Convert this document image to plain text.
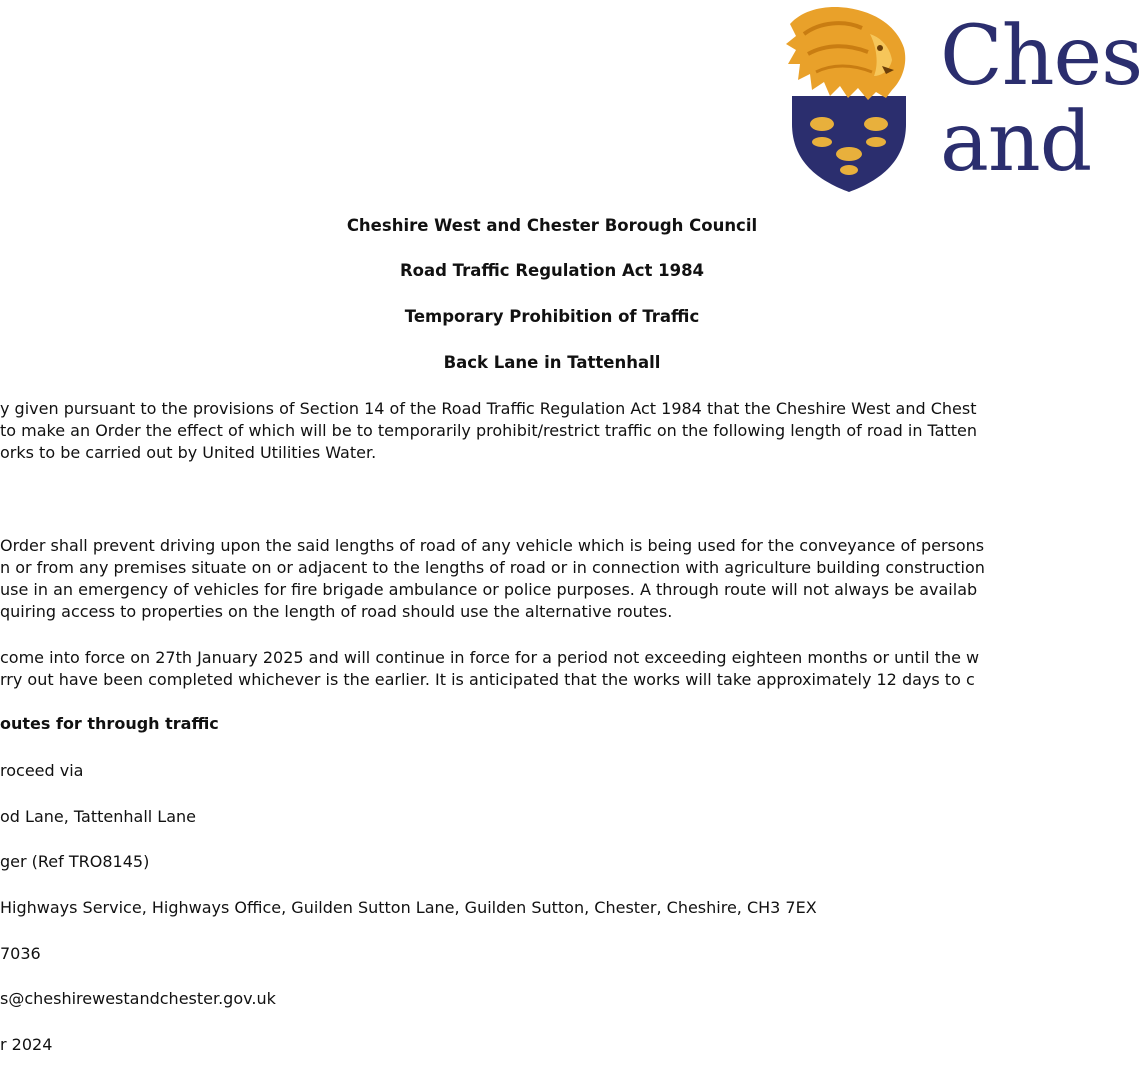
Ches
and
Cheshire West and Chester Borough Council
Road Traffic Regulation Act 1984
Temporary Prohibition of Traffic
Back Lane in Tattenhall
y given pursuant to the provisions of Section 14 of the Road Traffic Regulation Act 1984 that the Cheshire West and Chest
to make an Order the effect of which will be to temporarily prohibit/restrict traffic on the following length of road in Tatten
orks to be carried out by United Utilities Water.
Order shall prevent driving upon the said lengths of road of any vehicle which is being used for the conveyance of persons
n or from any premises situate on or adjacent to the lengths of road or in connection with agriculture building construction
use in an emergency of vehicles for fire brigade ambulance or police purposes. A through route will not always be availab
quiring access to properties on the length of road should use the alternative routes.
come into force on 27th January 2025 and will continue in force for a period not exceeding eighteen months or until the w
rry out have been completed whichever is the earlier. It is anticipated that the works will take approximately 12 days to c
outes for through traffic
roceed via
od Lane, Tattenhall Lane
ger (Ref TRO8145)
Highways Service, Highways Office, Guilden Sutton Lane, Guilden Sutton, Chester, Cheshire, CH3 7EX
7036
s@cheshirewestandchester.gov.uk
r 2024
